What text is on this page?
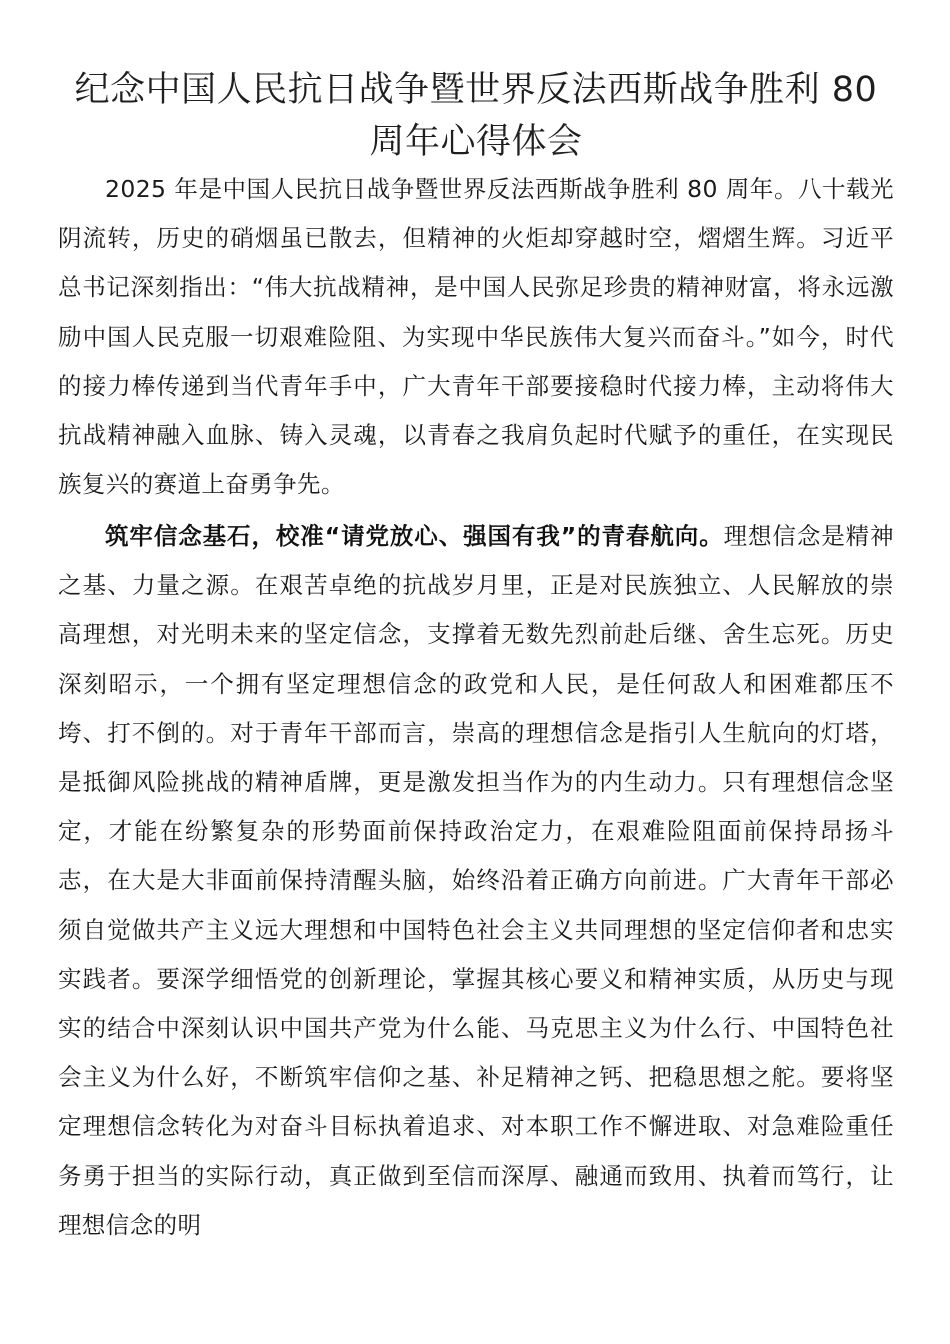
纪念中国人民抗日战争暨世界反法西斯战争胜利 80 周年心得体会

2025 年是中国人民抗日战争暨世界反法西斯战争胜利 80 周年。八十载光阴流转，历史的硝烟虽已散去，但精神的火炬却穿越时空，熠熠生辉。习近平总书记深刻指出：“伟大抗战精神，是中国人民弥足珍贵的精神财富，将永远激励中国人民克服一切艰难险阻、为实现中华民族伟大复兴而奋斗。”如今，时代的接力棒传递到当代青年手中，广大青年干部要接稳时代接力棒，主动将伟大抗战精神融入血脉、铸入灵魂，以青春之我肩负起时代赋予的重任，在实现民族复兴的赛道上奋勇争先。

筑牢信念基石，校准“请党放心、强国有我”的青春航向。理想信念是精神之基、力量之源。在艰苦卓绝的抗战岁月里，正是对民族独立、人民解放的崇高理想，对光明未来的坚定信念，支撑着无数先烈前赴后继、舍生忘死。历史深刻昭示，一个拥有坚定理想信念的政党和人民，是任何敌人和困难都压不垮、打不倒的。对于青年干部而言，崇高的理想信念是指引人生航向的灯塔，是抵御风险挑战的精神盾牌，更是激发担当作为的内生动力。只有理想信念坚定，才能在纷繁复杂的形势面前保持政治定力，在艰难险阻面前保持昂扬斗志，在大是大非面前保持清醒头脑，始终沿着正确方向前进。广大青年干部必须自觉做共产主义远大理想和中国特色社会主义共同理想的坚定信仰者和忠实实践者。要深学细悟党的创新理论，掌握其核心要义和精神实质，从历史与现实的结合中深刻认识中国共产党为什么能、马克思主义为什么行、中国特色社会主义为什么好，不断筑牢信仰之基、补足精神之钙、把稳思想之舵。要将坚定理想信念转化为对奋斗目标执着追求、对本职工作不懈进取、对急难险重任务勇于担当的实际行动，真正做到至信而深厚、融通而致用、执着而笃行，让理想信念的明
